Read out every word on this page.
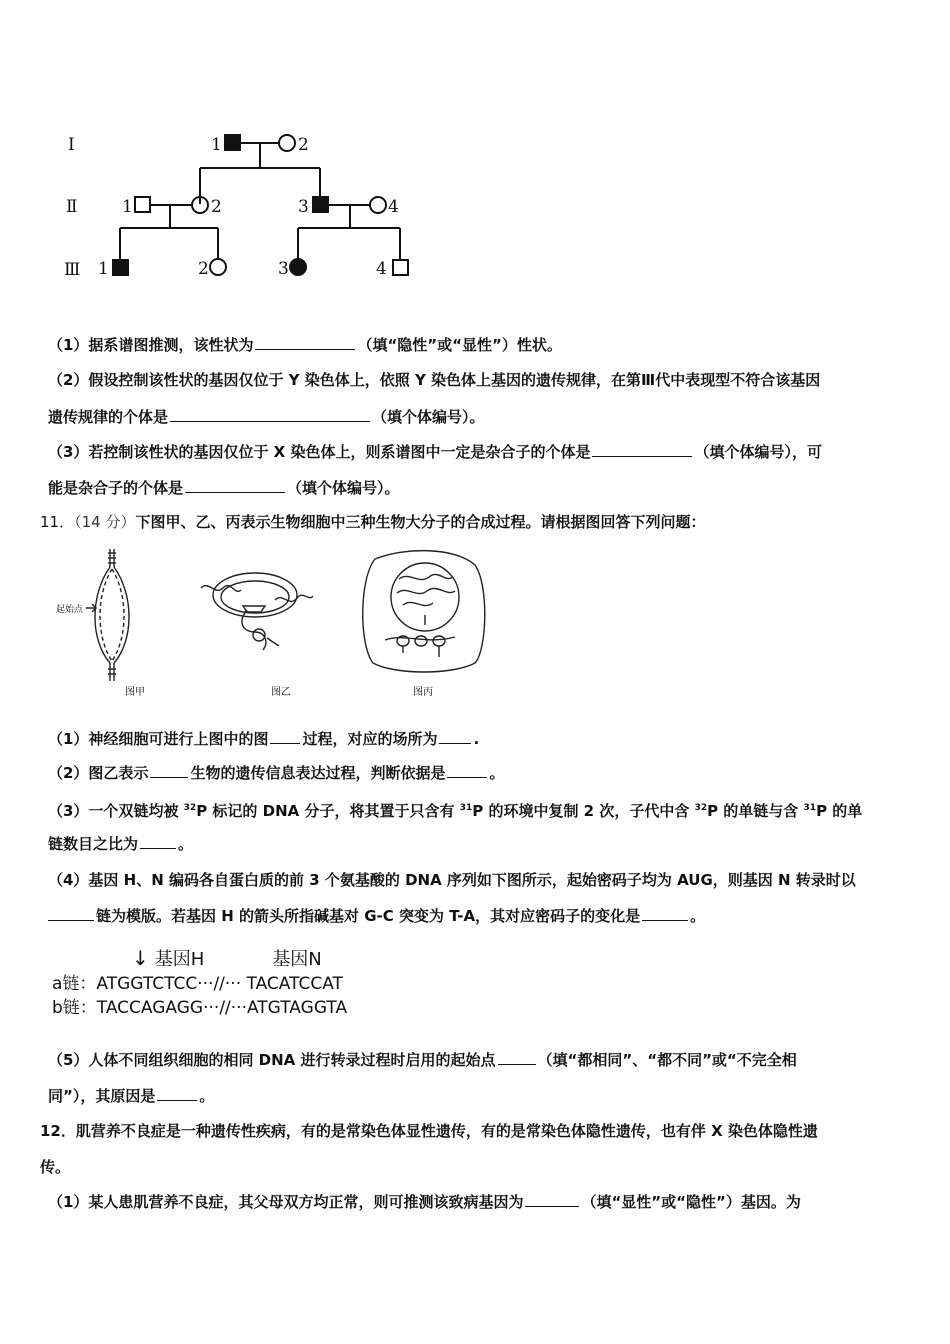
Ⅰ
Ⅱ
Ⅲ
1	2
1	2	3	4
1	2	3	4
（1）据系谱图推测，该性状为	（填“隐性”或“显性”）性状。
（2）假设控制该性状的基因仅位于 Y 染色体上，依照 Y 染色体上基因的遗传规律，在第Ⅲ代中表现型不符合该基因
遗传规律的个体是	（填个体编号）。
（3）若控制该性状的基因仅位于 X 染色体上，则系谱图中一定是杂合子的个体是	（填个体编号），可
能是杂合子的个体是	（填个体编号）。
11．（14 分）下图甲、乙、丙表示生物细胞中三种生物大分子的合成过程。请根据图回答下列问题：
起始点
图甲	图乙	图丙
（1）神经细胞可进行上图中的图 过程，对应的场所为 .
（2）图乙表示	生物的遗传信息表达过程，判断依据是	。
（3）一个双链均被 $^{32}$P 标记的 DNA 分子，将其置于只含有 $^{31}$P 的环境中复制 2 次，子代中含 $^{32}$P 的单链与含 $^{31}$P 的单
链数目之比为	。
（4）基因 H、N 编码各自蛋白质的前 3 个氨基酸的 DNA 序列如下图所示，起始密码子均为 AUG，则基因 N 转录时以
链为模版。若基因 H 的箭头所指碱基对 G-C 突变为 T-A，其对应密码子的变化是	。
↓ 基因H	基因N
a链：ATGGTCTCC···//··· TACATCCAT
b链：TACCAGAGG···//···ATGTAGGTA
（5）人体不同组织细胞的相同 DNA 进行转录过程时启用的起始点	（填“都相同”、“都不同”或“不完全相
同”），其原因是	。
12．肌营养不良症是一种遗传性疾病，有的是常染色体显性遗传，有的是常染色体隐性遗传，也有伴 X 染色体隐性遗
传。
（1）某人患肌营养不良症，其父母双方均正常，则可推测该致病基因为	（填“显性”或“隐性”）基因。为
